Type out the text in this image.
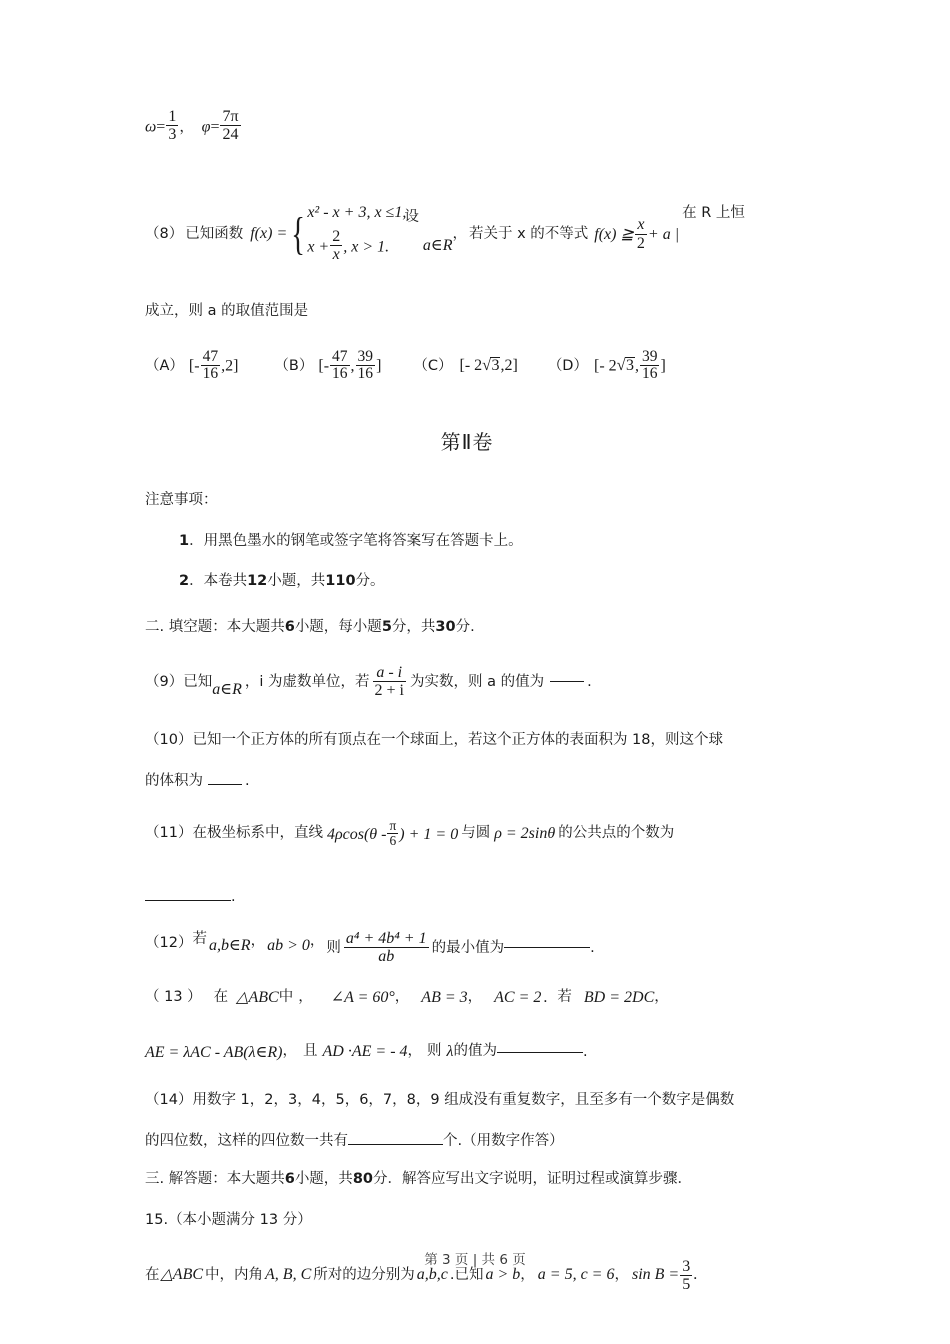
$\omega= \frac{1}{3}$ ， $\varphi= \frac{7\pi}{24}$
（8） 已知函数 f(x) = { x² - x + 3, x ≤1,
$x + \frac{2}{x}$ , x > 1.
设
a∈R
， 若关于 x 的不等式 f(x) ≧ $\frac{x}{2} + a$ |
在 R 上恒
成立，则 a 的取值范围是
（A） [- $\frac{47}{16} ,2$] （B） [- $\frac{47}{16}$ , $\frac{39}{16}$ ] （C） [- 2 √ 3,2] （D） [- 2 √ 3, $\frac{39}{16}$ ]
第Ⅱ卷
注意事项：
1．用黑色墨水的钢笔或签字笔将答案写在答题卡上。
2．本卷共12小题，共110分。
二. 填空题：本大题共6小题，每小题5分，共30分.
（9） 已知 a∈R ，i 为虚数单位，若 $\frac{a - i}{2 + i}$ 为实数，则 a 的值为	.
（10）已知一个正方体的所有顶点在一个球面上，若这个正方体的表面积为 18，则这个球
的体积为	.
（11） 在极坐标系中，直线 $4\rho\cos(\theta - \frac{\pi}{6}$ ) + 1 = 0 与圆 ρ = 2sinθ 的公共点的个数为
.
（12） 若 a,b∈R ， ab > 0 ， 则 $\frac{\text{a⁴ + 4b⁴ + 1}}{ab}$ 的最小值为	.
（ 13 ） 在 △ABC 中 ， ∠A = 60° ， AB = 3 ， AC = 2 . 若 BD = 2DC ，
AE = λAC - AB(λ∈R) ， 且 AD ·AE = - 4 ， 则 λ 的值为	.
（14）用数字 1，2，3，4，5，6，7，8，9 组成没有重复数字，且至多有一个数字是偶数
的四位数，这样的四位数一共有	个.（用数字作答）
三. 解答题：本大题共6小题，共80分．解答应写出文字说明，证明过程或演算步骤．
15.（本小题满分 13 分）
在 △ABC 中，内角 A, B, C 所对的边分别为 a,b,c .已知 a > b ， a = 5, c = 6 ， $\sin B = \frac{3}{5}$ .
第 3 页 | 共 6 页
